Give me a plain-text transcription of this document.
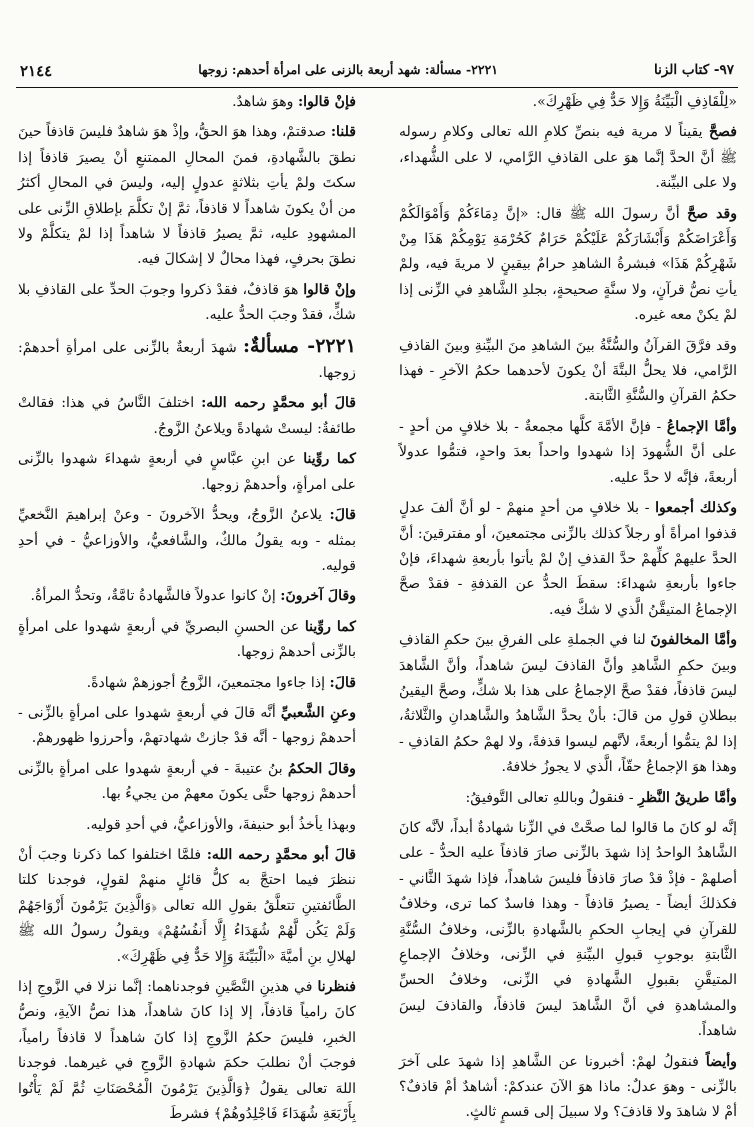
٩٧- كتاب الزنا
٢٢٢١- مسألة: شهد أربعة بالزنى على امرأة أحدهم: زوجها
٢١٤٤

«لِلْقَاذِفِ الْبَيِّنَةُ وَإِلا حَدٌّ فِي ظَهْرِكَ».

فصحَّ يقيناً لا مرية فيه بنصِّ كلامِ الله تعالى وكلامِ رسوله ﷺ أنَّ الحدَّ إنَّما هوَ على القاذفِ الرَّامي، لا على الشُّهداء، ولا على البيِّنة.

وقد صحَّ أنَّ رسولَ الله ﷺ قال: «إنَّ دِمَاءَكُمْ وَأَمْوَالَكُمْ وَأَعْرَاضَكُمْ وَأَبْشَارَكُمْ عَلَيْكُمْ حَرَامٌ كَحُرْمَةِ يَوْمِكُمْ هَذَا مِنْ شَهْرِكُمْ هَذَا» فبشرةُ الشاهدِ حرامٌ بيقينٍ لا مريةَ فيه، ولمْ يأتِ نصُّ قرآنٍ، ولا سنَّةٍ صحيحةٍ، بجلدِ الشَّاهدِ في الزِّنى إذا لمْ يكنْ معه غيره.

وقد فرَّقَ القرآنُ والسُّنَّةُ بينَ الشاهدِ منَ البيِّنةِ وبينَ القاذفِ الرَّامي، فلا يحلُّ البتَّةَ أنْ يكونَ لأحدهما حكمُ الآخرِ - فهذا حكمُ القرآنِ والسُّنَّةِ الثَّابتة.

وأمَّا الإجماعُ - فإنَّ الأمَّةَ كلَّها مجمعةٌ - بلا خلافٍ من أحدٍ - على أنَّ الشُّهودَ إذا شهدوا واحداً بعدَ واحدٍ، فتمُّوا عدولاً أربعةً، فإنَّه لا حدَّ عليه.

وكذلك أجمعوا - بلا خلافٍ من أحدٍ منهمْ - لو أنَّ ألفَ عدلٍ قذفوا امرأةً أو رجلاً كذلك بالزِّنى مجتمعينَ، أو مفترقينَ: أنَّ الحدَّ عليهمْ كلِّهمْ حدَّ القذفِ إنْ لمْ يأتوا بأربعةِ شهداءَ، فإنْ جاءوا بأربعةِ شهداءَ: سقطَ الحدُّ عن القذفةِ - فقدْ صحَّ الإجماعُ المتيقَّنُ الَّذي لا شكَّ فيه.

وأمَّا المخالفونَ لنا في الجملةِ على الفرقِ بينَ حكمِ القاذفِ وبينَ حكمِ الشَّاهدِ وأنَّ القاذفَ ليسَ شاهداً، وأنَّ الشَّاهدَ ليسَ قاذفاً، فقدْ صحَّ الإجماعُ على هذا بلا شكٍّ، وصحَّ اليقينُ ببطلانِ قولِ من قالَ: بأنْ يحدَّ الشَّاهدُ والشَّاهدانِ والثَّلاثةُ، إذا لمْ يتمُّوا أربعةً، لأنَّهم ليسوا قذفةً، ولا لهمْ حكمُ القاذفِ - وهذا هوَ الإجماعُ حقّاً، الَّذي لا يجوزُ خلافهُ.

وأمَّا طريقُ النَّظرِ - فنقولُ وباللهِ تعالى التَّوفيقُ:

إنَّه لو كانَ ما قالوا لما صحَّتْ في الزِّنا شهادةٌ أبداً، لأنَّه كانَ الشَّاهدُ الواحدُ إذا شهدَ بالزِّنى صارَ قاذفاً عليه الحدُّ - على أصلهمْ - فإذْ قدْ صارَ قاذفاً فليسَ شاهداً، فإذا شهدَ الثَّاني - فكذلكَ أيضاً - يصيرُ قاذفاً - وهذا فاسدٌ كما ترى، وخلافٌ للقرآنِ في إيجابِ الحكمِ بالشَّهادةِ بالزِّنى، وخلافُ السُّنَّةِ الثَّابتةِ بوجوبِ قبولِ البيِّنةِ في الزِّنى، وخلافُ الإجماعِ المتيقَّنِ بقبولِ الشَّهادةِ في الزِّنى، وخلافُ الحسِّ والمشاهدةِ في أنَّ الشَّاهدَ ليسَ قاذفاً، والقاذفَ ليسَ شاهداً.

وأيضاً فنقولُ لهمْ: أخبرونا عن الشَّاهدِ إذا شهدَ على آخرَ بالزِّنى - وهوَ عدلٌ: ماذا هوَ الآنَ عندكمْ: أشاهدٌ أمْ قاذفٌ؟ أمْ لا شاهدَ ولا قاذفَ؟ ولا سبيلَ إلى قسمٍ ثالثٍ.

فإنْ قالوا: وهوَ شاهدٌ.

قلنا: صدقتمْ، وهذا هوَ الحقُّ، وإذْ هوَ شاهدٌ فليسَ قاذفاً حينَ نطقَ بالشَّهادةِ، فمنَ المحالِ الممتنعِ أنْ يصيرَ قاذفاً إذا سكتَ ولمْ يأتِ بثلاثةٍ عدولٍ إليه، وليسَ في المحالِ أكثرُ من أنْ يكونَ شاهداً لا قاذفاً، ثمَّ إنْ تكلَّمَ بإطلاقِ الزِّنى على المشهودِ عليه، ثمَّ يصيرُ قاذفاً لا شاهداً إذا لمْ يتكلَّمْ ولا نطقَ بحرفٍ، فهذا محالٌ لا إشكالَ فيه.

وإنْ قالوا هوَ قاذفٌ، فقدْ ذكروا وجوبَ الحدِّ على القاذفِ بلا شكٍّ، فقدْ وجبَ الحدُّ عليه.

٢٢٢١- مسألةٌ: شهدَ أربعةٌ بالزِّنى على امرأةِ أحدهمْ: زوجها.

قالَ أبو محمَّدٍ رحمه الله: اختلفَ النَّاسُ في هذا: فقالتْ طائفةٌ: ليستْ شهادةً ويلاعنُ الزَّوجُ.

كما روِّينا عن ابنِ عبَّاسٍ في أربعةٍ شهداءَ شهدوا بالزِّنى على امرأةٍ، وأحدهمْ زوجها.

قالَ: يلاعنُ الزَّوجُ، ويحدُّ الآخرونَ - وعنْ إبراهيمَ النَّخعيِّ بمثله - وبه يقولُ مالكٌ، والشَّافعيُّ، والأوزاعيُّ - في أحدِ قوليه.

وقالَ آخرونَ: إنْ كانوا عدولاً فالشَّهادةُ تامَّةٌ، وتحدُّ المرأةُ.

كما روِّينا عن الحسنِ البصريِّ في أربعةٍ شهدوا على امرأةٍ بالزِّنى أحدهمْ زوجها.

قالَ: إذا جاءوا مجتمعينَ، الزَّوجُ أجوزهمْ شهادةً.

وعنِ الشَّعبيِّ أنَّه قالَ في أربعةٍ شهدوا على امرأةٍ بالزِّنى - أحدهمْ زوجها - أنَّه قدْ جازتْ شهادتهمْ، وأحرزوا ظهورهمْ.

وقالَ الحكمُ بنُ عتيبةَ - في أربعةٍ شهدوا على امرأةٍ بالزِّنى أحدهمْ زوجها حتَّى يكونَ معهمْ من يجيءُ بها.

وبهذا يأخذُ أبو حنيفةَ، والأوزاعيُّ، في أحدِ قوليه.

قالَ أبو محمَّدٍ رحمه الله: فلمَّا اختلفوا كما ذكرنا وجبَ أنْ ننظرَ فيما احتجَّ به كلُّ قائلٍ منهمْ لقولٍ، فوجدنا كلتا الطَّائفتينِ تتعلَّقُ بقولِ الله تعالى ﴿وَالَّذِينَ يَرْمُونَ أَزْوَاجَهُمْ وَلَمْ يَكُن لَّهُمْ شُهَدَاءُ إِلَّا أَنفُسُهُمْ﴾ ويقولُ رسولُ الله ﷺ لهلالِ بنِ أميَّةَ «الْبَيِّنَةَ وَإِلا حَدٌّ فِي ظَهْرِكَ».

فنظرنا في هذينِ النَّصَّينِ فوجدناهما: إنَّما نزلا في الزَّوجِ إذا كانَ رامياً قاذفاً، إلا إذا كانَ شاهداً، هذا نصُّ الآيةِ، ونصُّ الخبرِ، فليسَ حكمُ الزَّوجِ إذا كانَ شاهداً لا قاذفاً رامياً، فوجبَ أنْ نطلبَ حكمَ شهادةِ الزَّوجِ في غيرهما. فوجدنا اللهَ تعالى يقولُ ﴿وَالَّذِينَ يَرْمُونَ الْمُحْصَنَاتِ ثُمَّ لَمْ يَأْتُوا بِأَرْبَعَةِ شُهَدَاءَ فَاجْلِدُوهُمْ﴾ فشرطَ
